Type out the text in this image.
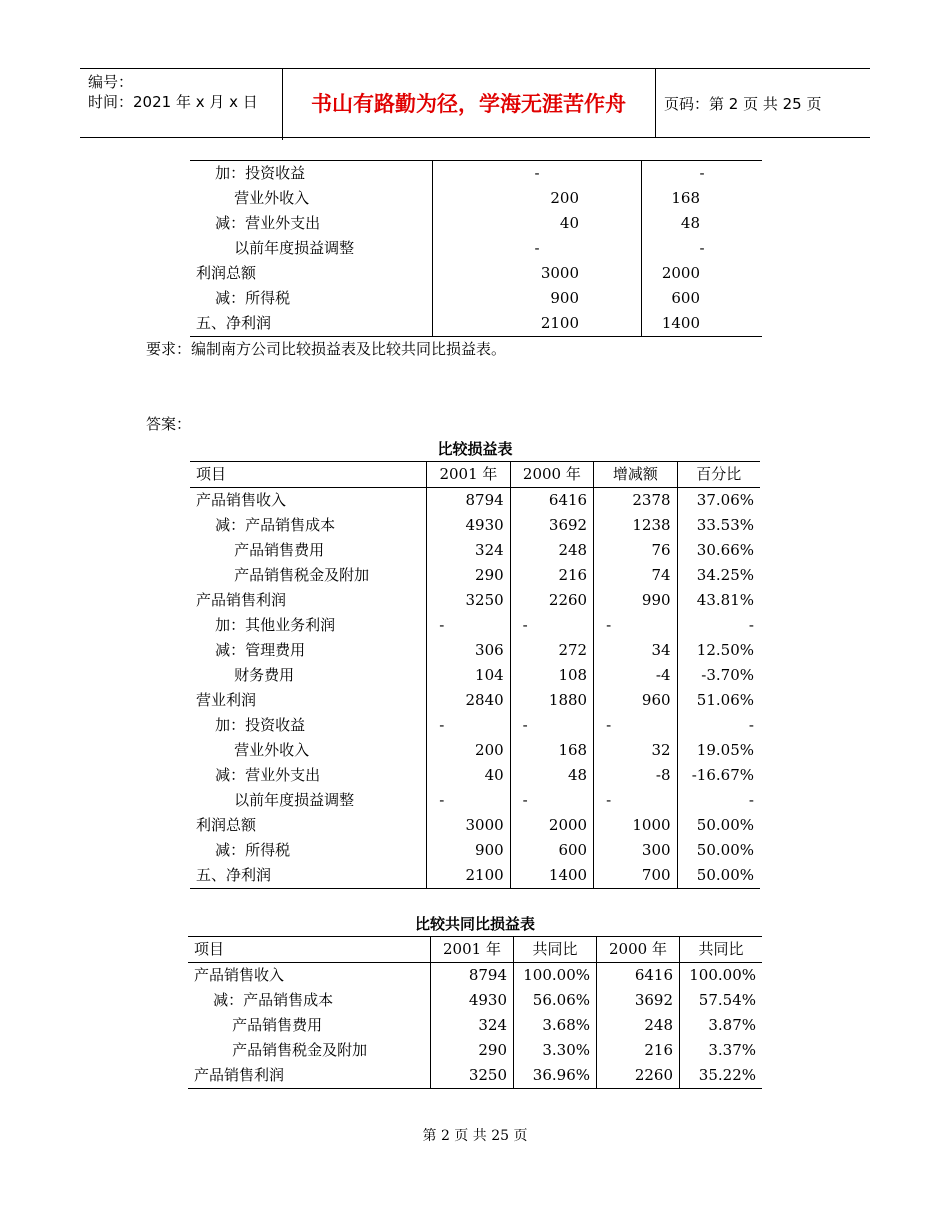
编号：
时间：2021 年 x 月 x 日	书山有路勤为径，学海无涯苦作舟	页码：第 2 页 共 25 页
加：投资收益	-	-
营业外收入	200	168
减：营业外支出	40	48
以前年度损益调整	-	-
利润总额	3000	2000
减：所得税	900	600
五、净利润	2100	1400
要求：编制南方公司比较损益表及比较共同比损益表。
答案：
比较损益表
项目	2001 年	2000 年	增减额	百分比
产品销售收入	8794	6416	2378	37.06%
减：产品销售成本	4930	3692	1238	33.53%
产品销售费用	324	248	76	30.66%
产品销售税金及附加	290	216	74	34.25%
产品销售利润	3250	2260	990	43.81%
加：其他业务利润	-	-	-	-
减：管理费用	306	272	34	12.50%
财务费用	104	108	-4	-3.70%
营业利润	2840	1880	960	51.06%
加：投资收益	-	-	-	-
营业外收入	200	168	32	19.05%
减：营业外支出	40	48	-8	-16.67%
以前年度损益调整	-	-	-	-
利润总额	3000	2000	1000	50.00%
减：所得税	900	600	300	50.00%
五、净利润	2100	1400	700	50.00%
比较共同比损益表
项目	2001 年	共同比	2000 年	共同比
产品销售收入	8794	100.00%	6416	100.00%
减：产品销售成本	4930	56.06%	3692	57.54%
产品销售费用	324	3.68%	248	3.87%
产品销售税金及附加	290	3.30%	216	3.37%
产品销售利润	3250	36.96%	2260	35.22%
第 2 页 共 25 页
